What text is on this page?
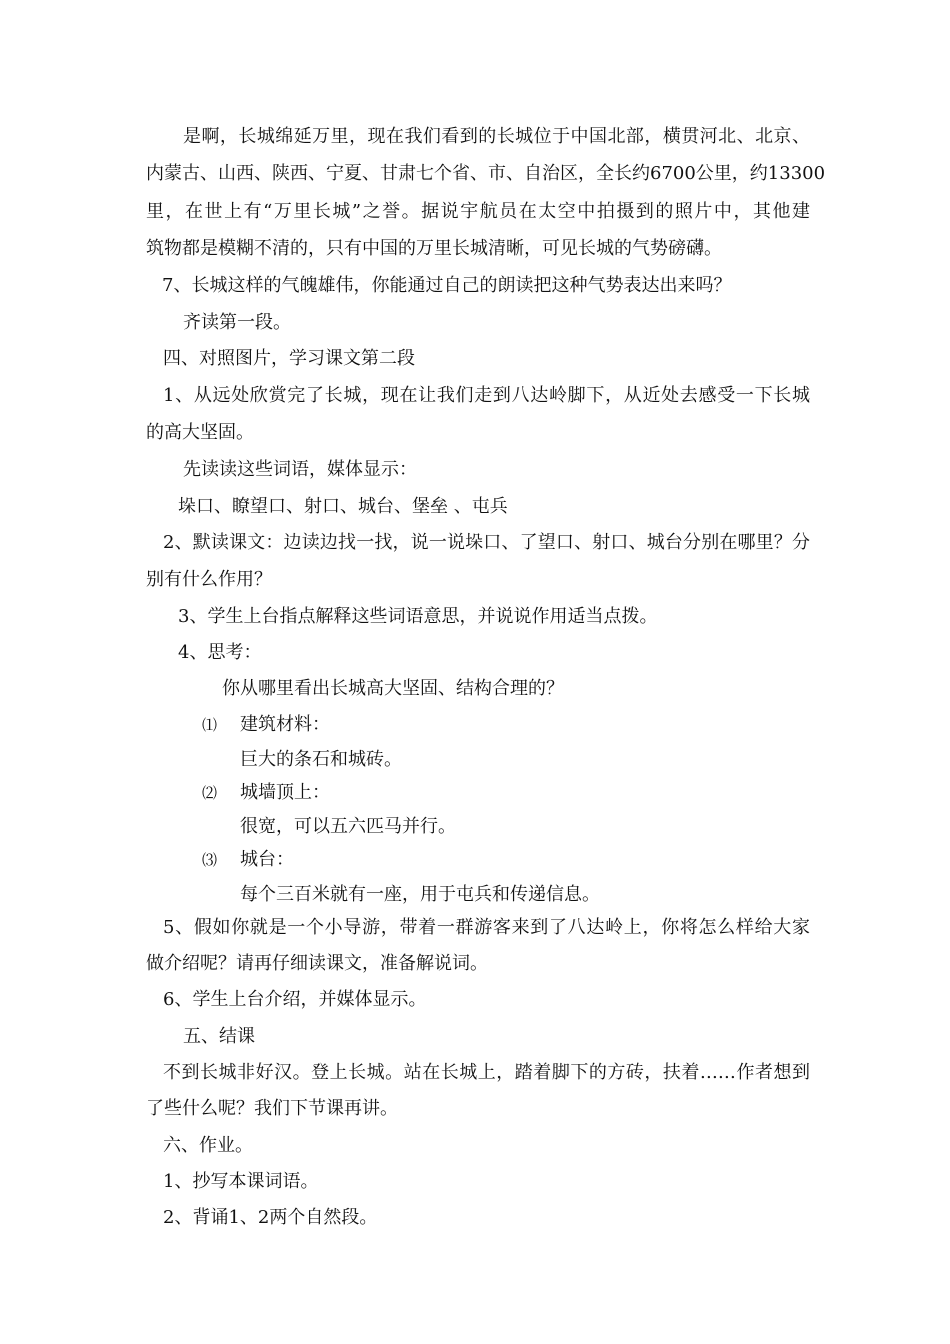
是啊，长城绵延万里，现在我们看到的长城位于中国北部，横贯河北、北京、
内蒙古、山西、陕西、宁夏、甘肃七个省、市、自治区，全长约6700公里，约13300
里，在世上有“万里长城”之誉。据说宇航员在太空中拍摄到的照片中，其他建
筑物都是模糊不清的，只有中国的万里长城清晰，可见长城的气势磅礴。
7、长城这样的气魄雄伟，你能通过自己的朗读把这种气势表达出来吗？
齐读第一段。
四、对照图片，学习课文第二段
1、从远处欣赏完了长城，现在让我们走到八达岭脚下，从近处去感受一下长城
的高大坚固。
先读读这些词语，媒体显示：
垛口、瞭望口、射口、城台、堡垒 、屯兵
2、默读课文：边读边找一找，说一说垛口、了望口、射口、城台分别在哪里？分
别有什么作用？
3、学生上台指点解释这些词语意思，并说说作用适当点拨。
4、思考：
你从哪里看出长城高大坚固、结构合理的？
⑴ 建筑材料：
巨大的条石和城砖。
⑵ 城墙顶上：
很宽，可以五六匹马并行。
⑶ 城台：
每个三百米就有一座，用于屯兵和传递信息。
5、假如你就是一个小导游，带着一群游客来到了八达岭上，你将怎么样给大家
做介绍呢？请再仔细读课文，准备解说词。
6、学生上台介绍，并媒体显示。
五、结课
不到长城非好汉。登上长城。站在长城上，踏着脚下的方砖，扶着……作者想到
了些什么呢？我们下节课再讲。
六、作业。
1、抄写本课词语。
2、背诵1、2两个自然段。
